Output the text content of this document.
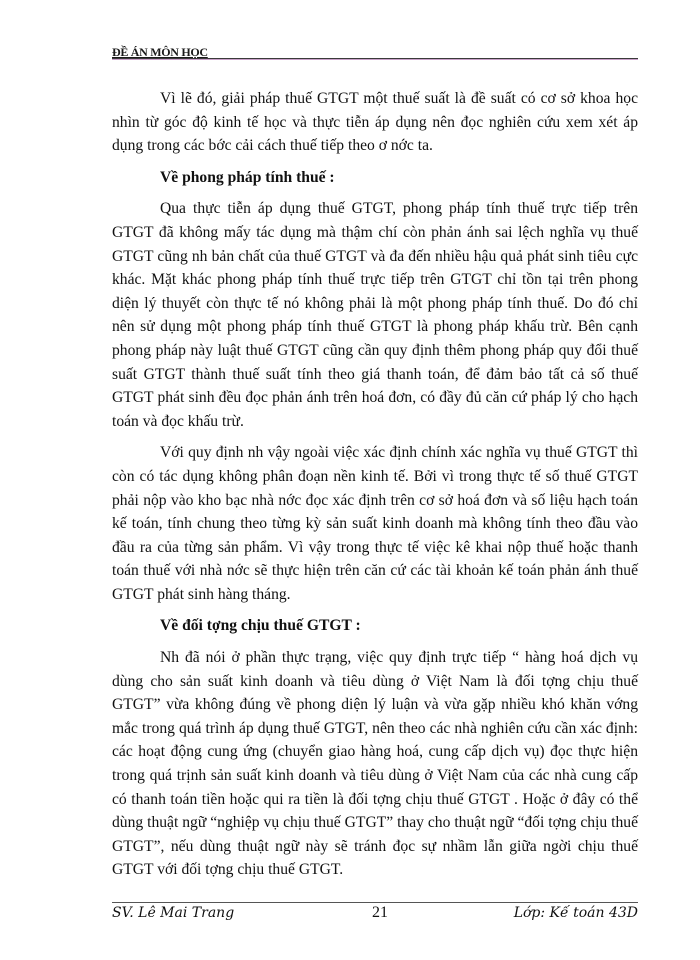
ĐỀ ÁN MÔN HỌC

Vì lẽ đó, giải pháp thuế GTGT một thuế suất là đề suất có cơ sở khoa học nhìn từ góc độ kinh tế học và thực tiễn áp dụng nên đọc nghiên cứu xem xét áp dụng trong các bớc cải cách thuế tiếp theo ơ nớc ta.

Về phong pháp tính thuế :

Qua thực tiễn áp dụng thuế GTGT, phong pháp tính thuế trực tiếp trên GTGT đã không mấy tác dụng mà thậm chí còn phản ánh sai lệch nghĩa vụ thuế GTGT cũng nh bản chất của thuế GTGT và đa đến nhiều hậu quả phát sinh tiêu cực khác. Mặt khác phong pháp tính thuế trực tiếp trên GTGT chỉ tồn tại trên phong diện lý thuyết còn thực tế nó không phải là một phong pháp tính thuế. Do đó chỉ nên sử dụng một phong pháp tính thuế GTGT là phong pháp khấu trừ. Bên cạnh phong pháp này luật thuế GTGT cũng cần quy định thêm phong pháp quy đổi thuế suất GTGT thành thuế suất tính theo giá thanh toán, để đảm bảo tất cả số thuế GTGT phát sinh đều đọc phản ánh trên hoá đơn, có đầy đủ căn cứ pháp lý cho hạch toán và đọc khấu trừ.

Với quy định nh vậy ngoài việc xác định chính xác nghĩa vụ thuế GTGT thì còn có tác dụng không phân đoạn nền kinh tế. Bởi vì trong thực tế số thuế GTGT phải nộp vào kho bạc nhà nớc đọc xác định trên cơ sở hoá đơn và số liệu hạch toán kế toán, tính chung theo từng kỳ sản suất kinh doanh mà không tính theo đầu vào đầu ra của từng sản phẩm. Vì vậy trong thực tế việc kê khai nộp thuế hoặc thanh toán thuế với nhà nớc sẽ thực hiện trên căn cứ các tài khoản kế toán phản ánh thuế GTGT phát sinh hàng tháng.

Về đối tợng chịu thuế GTGT :

Nh đã nói ở phần thực trạng, việc quy định trực tiếp “ hàng hoá dịch vụ dùng cho sản suất kinh doanh và tiêu dùng ở Việt Nam là đối tợng chịu thuế GTGT” vừa không đúng về phong diện lý luận và vừa gặp nhiều khó khăn vớng mắc trong quá trình áp dụng thuế GTGT, nên theo các nhà nghiên cứu cần xác định: các hoạt động cung ứng (chuyển giao hàng hoá, cung cấp dịch vụ) đọc thực hiện trong quá trịnh sản suất kinh doanh và tiêu dùng ở Việt Nam của các nhà cung cấp có thanh toán tiền hoặc qui ra tiền là đối tợng chịu thuế GTGT . Hoặc ở đây có thể dùng thuật ngữ “nghiệp vụ chịu thuế GTGT” thay cho thuật ngữ “đối tợng chịu thuế GTGT”, nếu dùng thuật ngữ này sẽ tránh đọc sự nhầm lẫn giữa ngời chịu thuế GTGT với đối tợng chịu thuế GTGT.

SV. Lê Mai Trang	21	Lớp: Kế toán 43D
